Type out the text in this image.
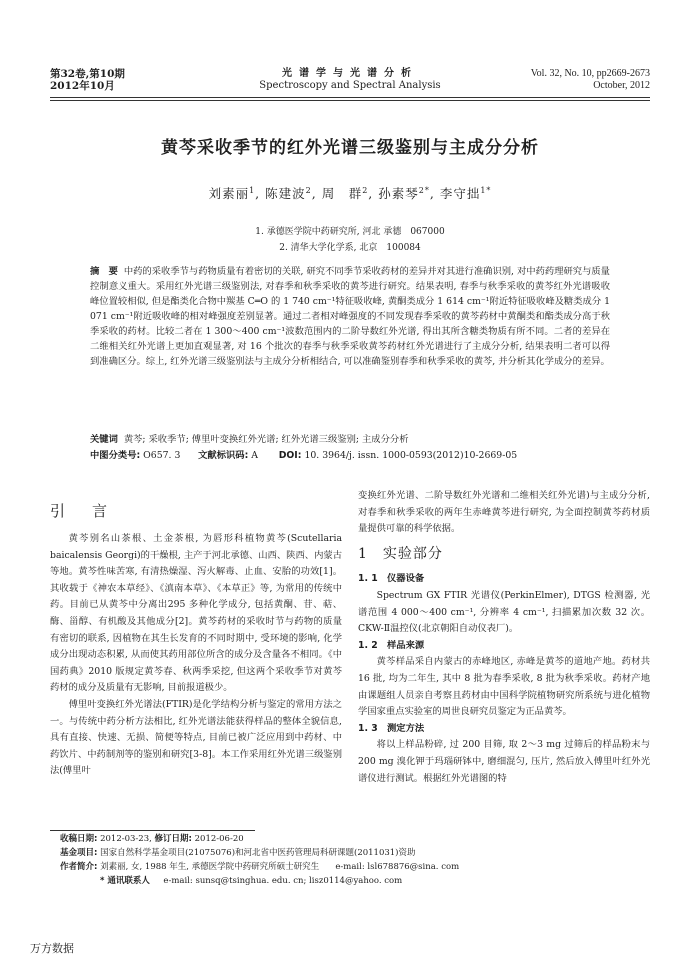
第32卷,第10期
2012年10月
光谱学与光谱分析
Spectroscopy and Spectral Analysis
Vol. 32, No. 10, pp2669-2673
October, 2012
黄芩采收季节的红外光谱三级鉴别与主成分分析
刘素丽$^1$, 陈建波$^2$, 周　群$^2$, 孙素琴$^{2*}$, 李守拙$^{1*}$
1. 承德医学院中药研究所, 河北 承德　067000
2. 清华大学化学系, 北京　100084
摘　要 中药的采收季节与药物质量有着密切的关联, 研究不同季节采收药材的差异并对其进行准确识别, 对中药药理研究与质量控制意义重大。采用红外光谱三级鉴别法, 对春季和秋季采收的黄芩进行研究。结果表明, 春季与秋季采收的黄芩红外光谱吸收峰位置较相似, 但是酯类化合物中羰基 C═O 的 1 740 cm⁻¹特征吸收峰, 黄酮类成分 1 614 cm⁻¹附近特征吸收峰及糖类成分 1 071 cm⁻¹附近吸收峰的相对峰强度差别显著。通过二者相对峰强度的不同发现春季采收的黄芩药材中黄酮类和酯类成分高于秋季采收的药材。比较二者在 1 300～400 cm⁻¹波数范围内的二阶导数红外光谱, 得出其所含糖类物质有所不同。二者的差异在二维相关红外光谱上更加直观显著, 对 16 个批次的春季与秋季采收黄芩药材红外光谱进行了主成分分析, 结果表明二者可以得到准确区分。综上, 红外光谱三级鉴别法与主成分分析相结合, 可以准确鉴别春季和秋季采收的黄芩, 并分析其化学成分的差异。
关键词 黄芩; 采收季节; 傅里叶变换红外光谱; 红外光谱三级鉴别; 主成分分析
中图分类号: O657. 3 文献标识码: A DOI: 10. 3964/j. issn. 1000-0593(2012)10-2669-05
引　言

黄芩别名山茶根、土金茶根, 为唇形科植物黄芩(Scutellaria baicalensis Georgi)的干燥根, 主产于河北承德、山西、陕西、内蒙古等地。黄芩性味苦寒, 有清热燥湿、泻火解毒、止血、安胎的功效[1]。其收载于《神农本草经》、《滇南本草》、《本草正》等, 为常用的传统中药。目前已从黄芩中分离出295 多种化学成分, 包括黄酮、苷、萜、酶、甾醇、有机酸及其他成分[2]。黄芩药材的采收时节与药物的质量有密切的联系, 因植物在其生长发育的不同时期中, 受环境的影响, 化学成分出现动态积累, 从而使其药用部位所含的成分及含量各不相同。《中国药典》2010 版规定黄芩春、秋两季采挖, 但这两个采收季节对黄芩药材的成分及质量有无影响, 目前报道极少。

傅里叶变换红外光谱法(FTIR)是化学结构分析与鉴定的常用方法之一。与传统中药分析方法相比, 红外光谱法能获得样品的整体全貌信息, 具有直接、快速、无损、简便等特点, 目前已被广泛应用到中药材、中药饮片、中药制剂等的鉴别和研究[3-8]。本工作采用红外光谱三级鉴别法(傅里叶

变换红外光谱、二阶导数红外光谱和二维相关红外光谱)与主成分分析, 对春季和秋季采收的两年生赤峰黄芩进行研究, 为全面控制黄芩药材质量提供可靠的科学依据。

1　实验部分
1. 1　仪器设备

Spectrum GX FTIR 光谱仪(PerkinElmer), DTGS 检测器, 光谱范围 4 000～400 cm⁻¹, 分辨率 4 cm⁻¹, 扫描累加次数 32 次。CKW-Ⅱ温控仪(北京朝阳自动仪表厂)。

1. 2　样品来源

黄芩样品采自内蒙古的赤峰地区, 赤峰是黄芩的道地产地。药材共 16 批, 均为二年生, 其中 8 批为春季采收, 8 批为秋季采收。药材产地由课题组人员亲自考察且药材由中国科学院植物研究所系统与进化植物学国家重点实验室的周世良研究员鉴定为正品黄芩。

1. 3　测定方法

将以上样品粉碎, 过 200 目筛, 取 2～3 mg 过筛后的样品粉末与 200 mg 溴化钾于玛瑙研钵中, 磨细混匀, 压片, 然后放入傅里叶红外光谱仪进行测试。根据红外光谱图的特

收稿日期: 2012-03-23, 修订日期: 2012-06-20
基金项目: 国家自然科学基金项目(21075076)和河北省中医药管理局科研课题(2011031)资助
作者简介: 刘素丽, 女, 1988 年生, 承德医学院中药研究所硕士研究生 e-mail: lsl678876@sina. com
* 通讯联系人 e-mail: sunsq@tsinghua. edu. cn; lisz0114@yahoo. com
万方数据
